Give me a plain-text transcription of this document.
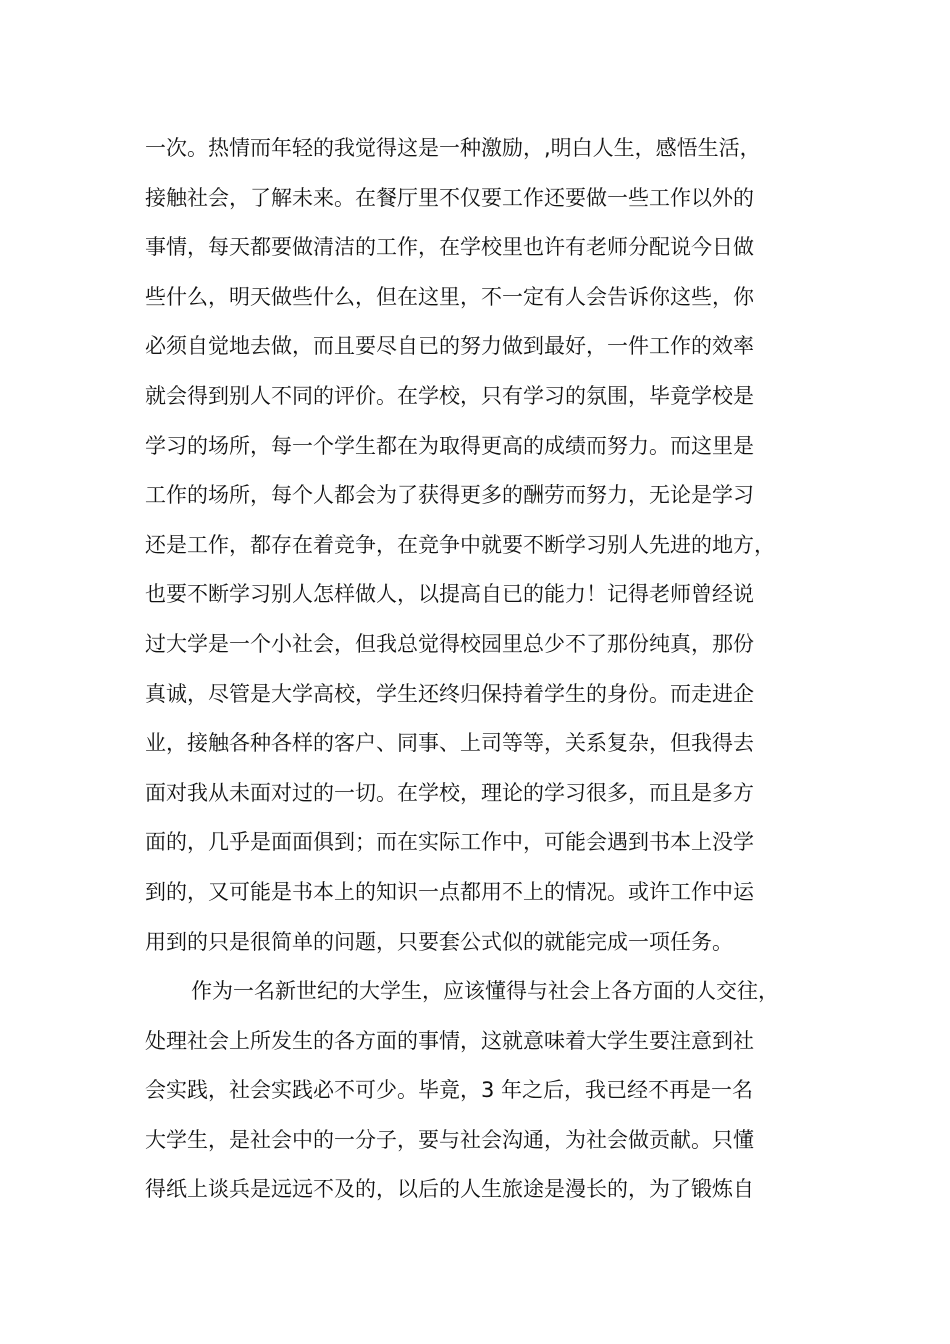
一次。热情而年轻的我觉得这是一种激励，,明白人生，感悟生活，
接触社会，了解未来。在餐厅里不仅要工作还要做一些工作以外的
事情，每天都要做清洁的工作，在学校里也许有老师分配说今日做
些什么，明天做些什么，但在这里，不一定有人会告诉你这些，你
必须自觉地去做，而且要尽自已的努力做到最好，一件工作的效率
就会得到别人不同的评价。在学校，只有学习的氛围，毕竟学校是
学习的场所，每一个学生都在为取得更高的成绩而努力。而这里是
工作的场所，每个人都会为了获得更多的酬劳而努力，无论是学习
还是工作，都存在着竞争，在竞争中就要不断学习别人先进的地方，
也要不断学习别人怎样做人，以提高自已的能力！记得老师曾经说
过大学是一个小社会，但我总觉得校园里总少不了那份纯真，那份
真诚，尽管是大学高校，学生还终归保持着学生的身份。而走进企
业，接触各种各样的客户、同事、上司等等，关系复杂，但我得去
面对我从未面对过的一切。在学校，理论的学习很多，而且是多方
面的，几乎是面面俱到；而在实际工作中，可能会遇到书本上没学
到的，又可能是书本上的知识一点都用不上的情况。或许工作中运
用到的只是很简单的问题，只要套公式似的就能完成一项任务。
作为一名新世纪的大学生，应该懂得与社会上各方面的人交往，
处理社会上所发生的各方面的事情，这就意味着大学生要注意到社
会实践，社会实践必不可少。毕竟，3 年之后，我已经不再是一名
大学生，是社会中的一分子，要与社会沟通，为社会做贡献。只懂
得纸上谈兵是远远不及的，以后的人生旅途是漫长的，为了锻炼自
